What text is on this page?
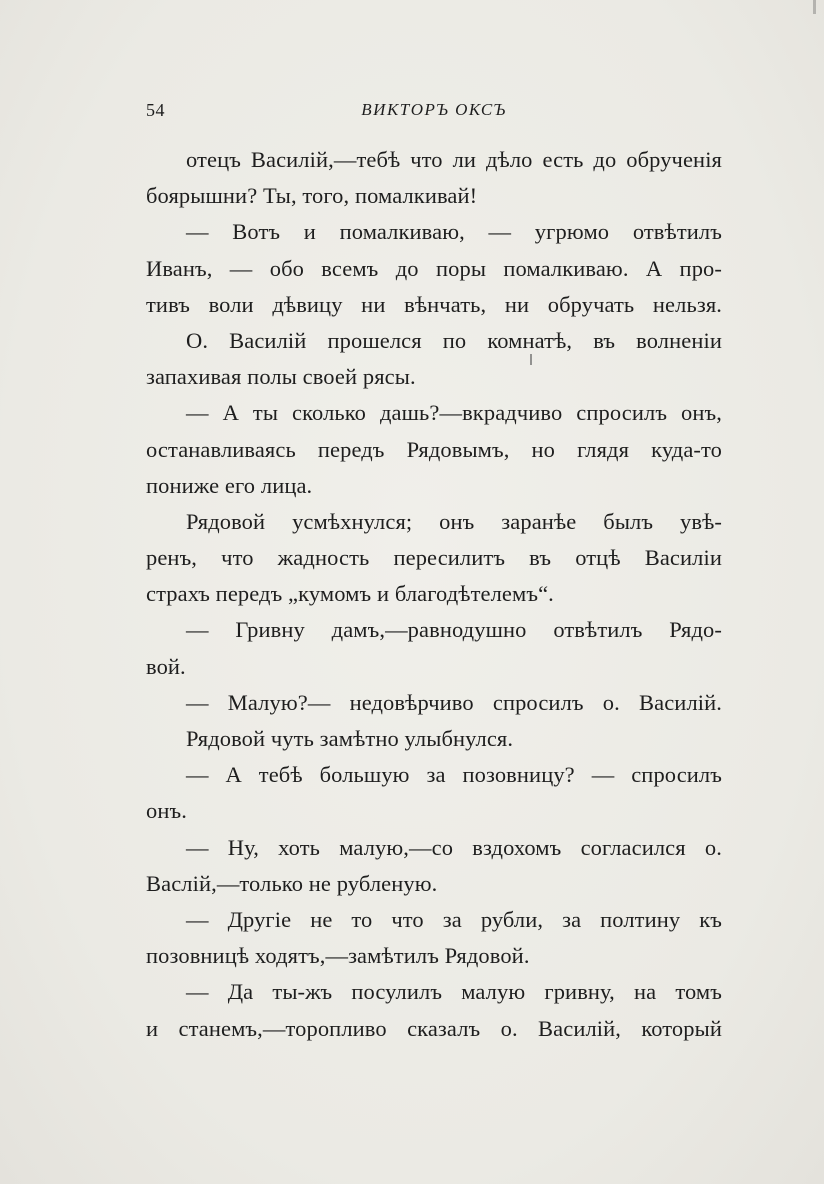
54	ВИКТОРЪ ОКСЪ
отецъ Василій,—тебѣ что ли дѣло есть до обрученія
боярышни? Ты, того, помалкивай!
— Вотъ и помалкиваю, — угрюмо отвѣтилъ
Иванъ, — обо всемъ до поры помалкиваю. А про-
тивъ воли дѣвицу ни вѣнчать, ни обручать нельзя.
О. Василій прошелся по комнатѣ, въ волненіи
запахивая полы своей рясы.
— А ты сколько дашь?—вкрадчиво спросилъ онъ,
останавливаясь передъ Рядовымъ, но глядя куда-то
пониже его лица.
Рядовой усмѣхнулся; онъ заранѣе былъ увѣ-
ренъ, что жадность пересилитъ въ отцѣ Василіи
страхъ передъ „кумомъ и благодѣтелемъ“.
— Гривну дамъ,—равнодушно отвѣтилъ Рядо-
вой.
— Малую?— недовѣрчиво спросилъ о. Василій.
Рядовой чуть замѣтно улыбнулся.
— А тебѣ большую за позовницу? — спросилъ
онъ.
— Ну, хоть малую,—со вздохомъ согласился о.
Васлій,—только не рубленую.
— Другіе не то что за рубли, за полтину къ
позовницѣ ходятъ,—замѣтилъ Рядовой.
— Да ты-жъ посулилъ малую гривну, на томъ
и станемъ,—торопливо сказалъ о. Василій, который
